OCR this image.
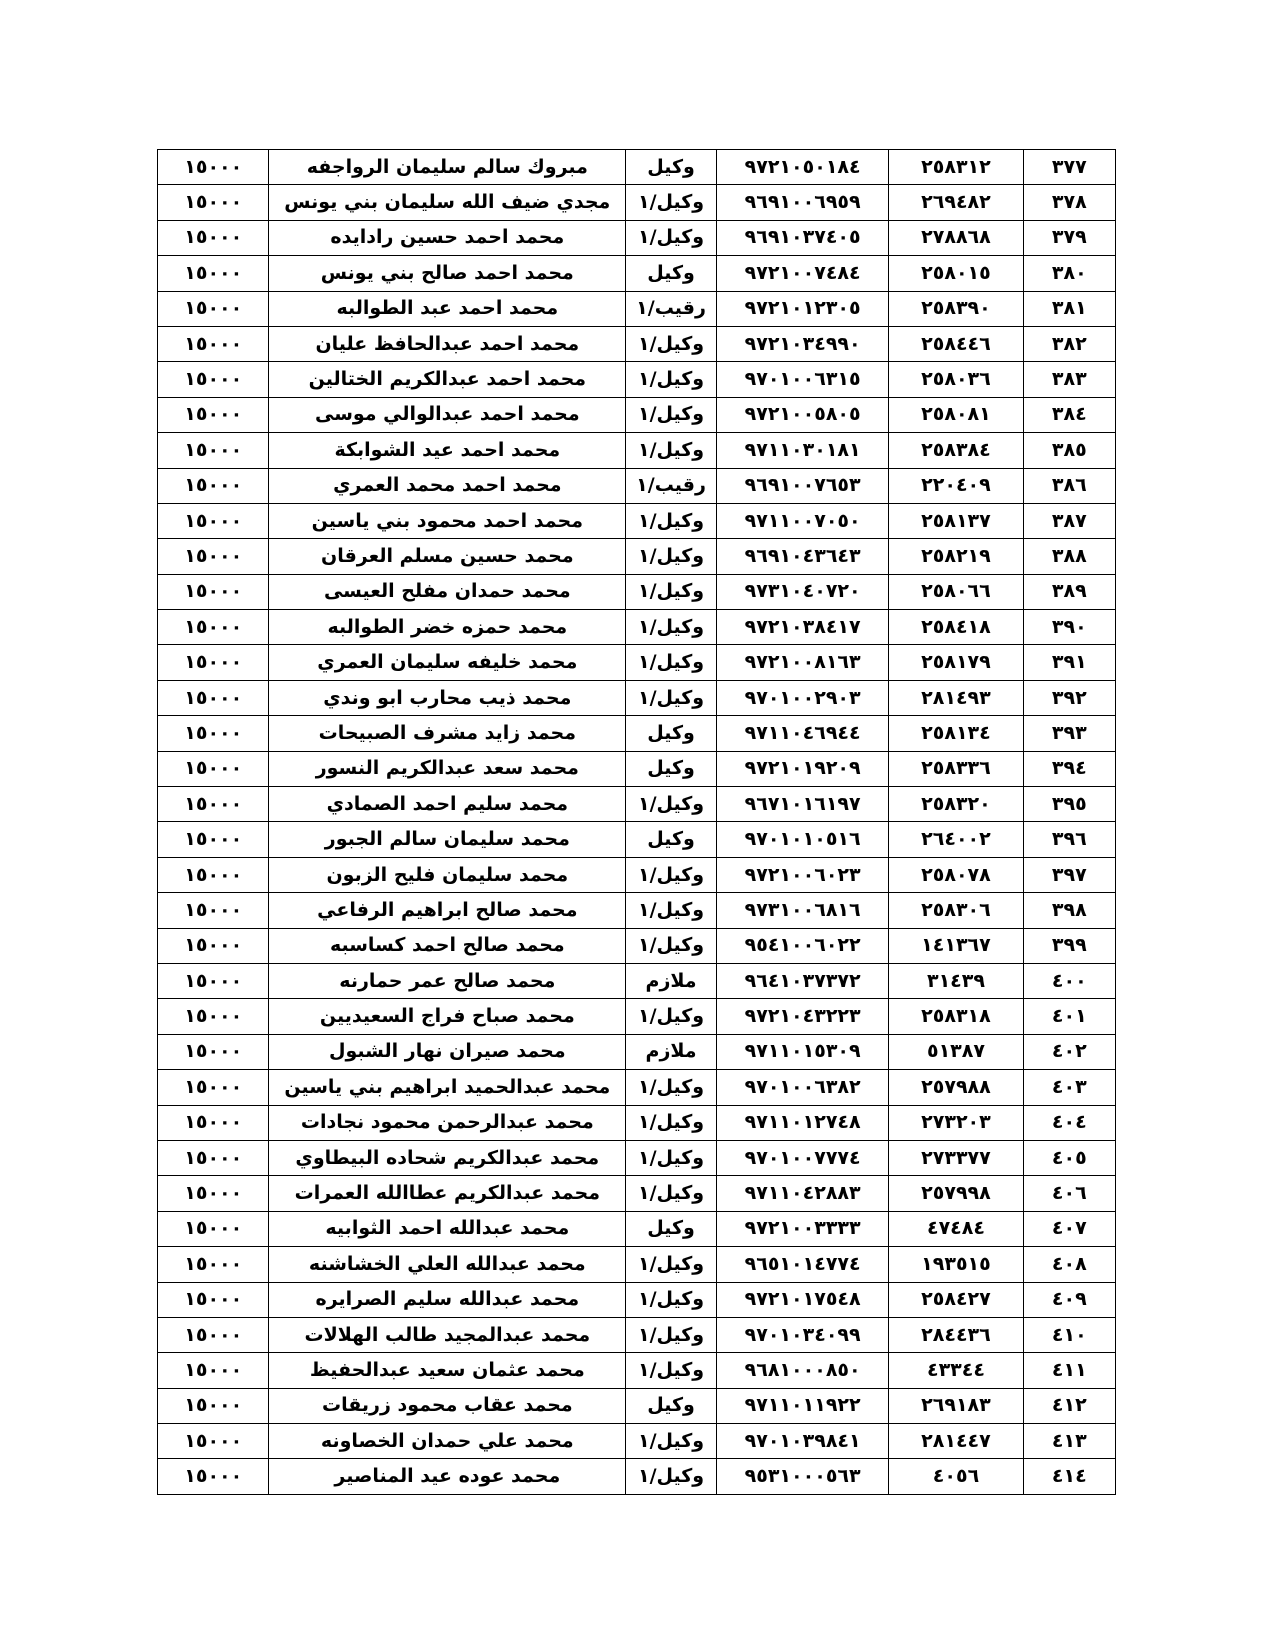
٣٧٧	٢٥٨٣١٢	٩٧٢١٠٥٠١٨٤	وكيل	مبروك سالم سليمان الرواجفه	١٥٠٠٠
٣٧٨	٢٦٩٤٨٢	٩٦٩١٠٠٦٩٥٩	وكيل/١	مجدي ضيف الله سليمان بني يونس	١٥٠٠٠
٣٧٩	٢٧٨٨٦٨	٩٦٩١٠٣٧٤٠٥	وكيل/١	محمد احمد حسين رادايده	١٥٠٠٠
٣٨٠	٢٥٨٠١٥	٩٧٢١٠٠٧٤٨٤	وكيل	محمد احمد صالح بني يونس	١٥٠٠٠
٣٨١	٢٥٨٣٩٠	٩٧٢١٠١٢٣٠٥	رقيب/١	محمد احمد عبد الطوالبه	١٥٠٠٠
٣٨٢	٢٥٨٤٤٦	٩٧٢١٠٣٤٩٩٠	وكيل/١	محمد احمد عبدالحافظ عليان	١٥٠٠٠
٣٨٣	٢٥٨٠٣٦	٩٧٠١٠٠٦٣١٥	وكيل/١	محمد احمد عبدالكريم الختالين	١٥٠٠٠
٣٨٤	٢٥٨٠٨١	٩٧٢١٠٠٥٨٠٥	وكيل/١	محمد احمد عبدالوالي موسى	١٥٠٠٠
٣٨٥	٢٥٨٣٨٤	٩٧١١٠٣٠١٨١	وكيل/١	محمد احمد عيد الشوابكة	١٥٠٠٠
٣٨٦	٢٢٠٤٠٩	٩٦٩١٠٠٧٦٥٣	رقيب/١	محمد احمد محمد العمري	١٥٠٠٠
٣٨٧	٢٥٨١٣٧	٩٧١١٠٠٧٠٥٠	وكيل/١	محمد احمد محمود بني ياسين	١٥٠٠٠
٣٨٨	٢٥٨٢١٩	٩٦٩١٠٤٣٦٤٣	وكيل/١	محمد حسين مسلم العرقان	١٥٠٠٠
٣٨٩	٢٥٨٠٦٦	٩٧٣١٠٤٠٧٢٠	وكيل/١	محمد حمدان مفلح العيسى	١٥٠٠٠
٣٩٠	٢٥٨٤١٨	٩٧٢١٠٣٨٤١٧	وكيل/١	محمد حمزه خضر الطوالبه	١٥٠٠٠
٣٩١	٢٥٨١٧٩	٩٧٢١٠٠٨١٦٣	وكيل/١	محمد خليفه سليمان العمري	١٥٠٠٠
٣٩٢	٢٨١٤٩٣	٩٧٠١٠٠٢٩٠٣	وكيل/١	محمد ذيب محارب ابو وندي	١٥٠٠٠
٣٩٣	٢٥٨١٣٤	٩٧١١٠٤٦٩٤٤	وكيل	محمد زايد مشرف الصبيحات	١٥٠٠٠
٣٩٤	٢٥٨٣٣٦	٩٧٢١٠١٩٢٠٩	وكيل	محمد سعد عبدالكريم النسور	١٥٠٠٠
٣٩٥	٢٥٨٣٢٠	٩٦٧١٠١٦١٩٧	وكيل/١	محمد سليم احمد الصمادي	١٥٠٠٠
٣٩٦	٢٦٤٠٠٢	٩٧٠١٠١٠٥١٦	وكيل	محمد سليمان سالم الجبور	١٥٠٠٠
٣٩٧	٢٥٨٠٧٨	٩٧٢١٠٠٦٠٢٣	وكيل/١	محمد سليمان فليح الزبون	١٥٠٠٠
٣٩٨	٢٥٨٣٠٦	٩٧٣١٠٠٦٨١٦	وكيل/١	محمد صالح ابراهيم الرفاعي	١٥٠٠٠
٣٩٩	١٤١٣٦٧	٩٥٤١٠٠٦٠٢٢	وكيل/١	محمد صالح احمد كساسبه	١٥٠٠٠
٤٠٠	٣١٤٣٩	٩٦٤١٠٣٧٣٧٢	ملازم	محمد صالح عمر حمارنه	١٥٠٠٠
٤٠١	٢٥٨٣١٨	٩٧٢١٠٤٣٢٢٣	وكيل/١	محمد صباح فراج السعيديين	١٥٠٠٠
٤٠٢	٥١٣٨٧	٩٧١١٠١٥٣٠٩	ملازم	محمد صيران نهار الشبول	١٥٠٠٠
٤٠٣	٢٥٧٩٨٨	٩٧٠١٠٠٦٣٨٢	وكيل/١	محمد عبدالحميد ابراهيم بني ياسين	١٥٠٠٠
٤٠٤	٢٧٣٢٠٣	٩٧١١٠١٢٧٤٨	وكيل/١	محمد عبدالرحمن محمود نجادات	١٥٠٠٠
٤٠٥	٢٧٣٣٧٧	٩٧٠١٠٠٧٧٧٤	وكيل/١	محمد عبدالكريم شحاده البيطاوي	١٥٠٠٠
٤٠٦	٢٥٧٩٩٨	٩٧١١٠٤٢٨٨٣	وكيل/١	محمد عبدالكريم عطاالله العمرات	١٥٠٠٠
٤٠٧	٤٧٤٨٤	٩٧٢١٠٠٣٣٣٣	وكيل	محمد عبدالله احمد الثوابيه	١٥٠٠٠
٤٠٨	١٩٣٥١٥	٩٦٥١٠١٤٧٧٤	وكيل/١	محمد عبدالله العلي الخشاشنه	١٥٠٠٠
٤٠٩	٢٥٨٤٢٧	٩٧٢١٠١٧٥٤٨	وكيل/١	محمد عبدالله سليم الصرايره	١٥٠٠٠
٤١٠	٢٨٤٤٣٦	٩٧٠١٠٣٤٠٩٩	وكيل/١	محمد عبدالمجيد طالب الهلالات	١٥٠٠٠
٤١١	٤٣٣٤٤	٩٦٨١٠٠٠٨٥٠	وكيل/١	محمد عثمان سعيد عبدالحفيظ	١٥٠٠٠
٤١٢	٢٦٩١٨٣	٩٧١١٠١١٩٢٢	وكيل	محمد عقاب محمود زريقات	١٥٠٠٠
٤١٣	٢٨١٤٤٧	٩٧٠١٠٣٩٨٤١	وكيل/١	محمد علي حمدان الخصاونه	١٥٠٠٠
٤١٤	٤٠٥٦	٩٥٣١٠٠٠٥٦٣	وكيل/١	محمد عوده عيد المناصير	١٥٠٠٠
